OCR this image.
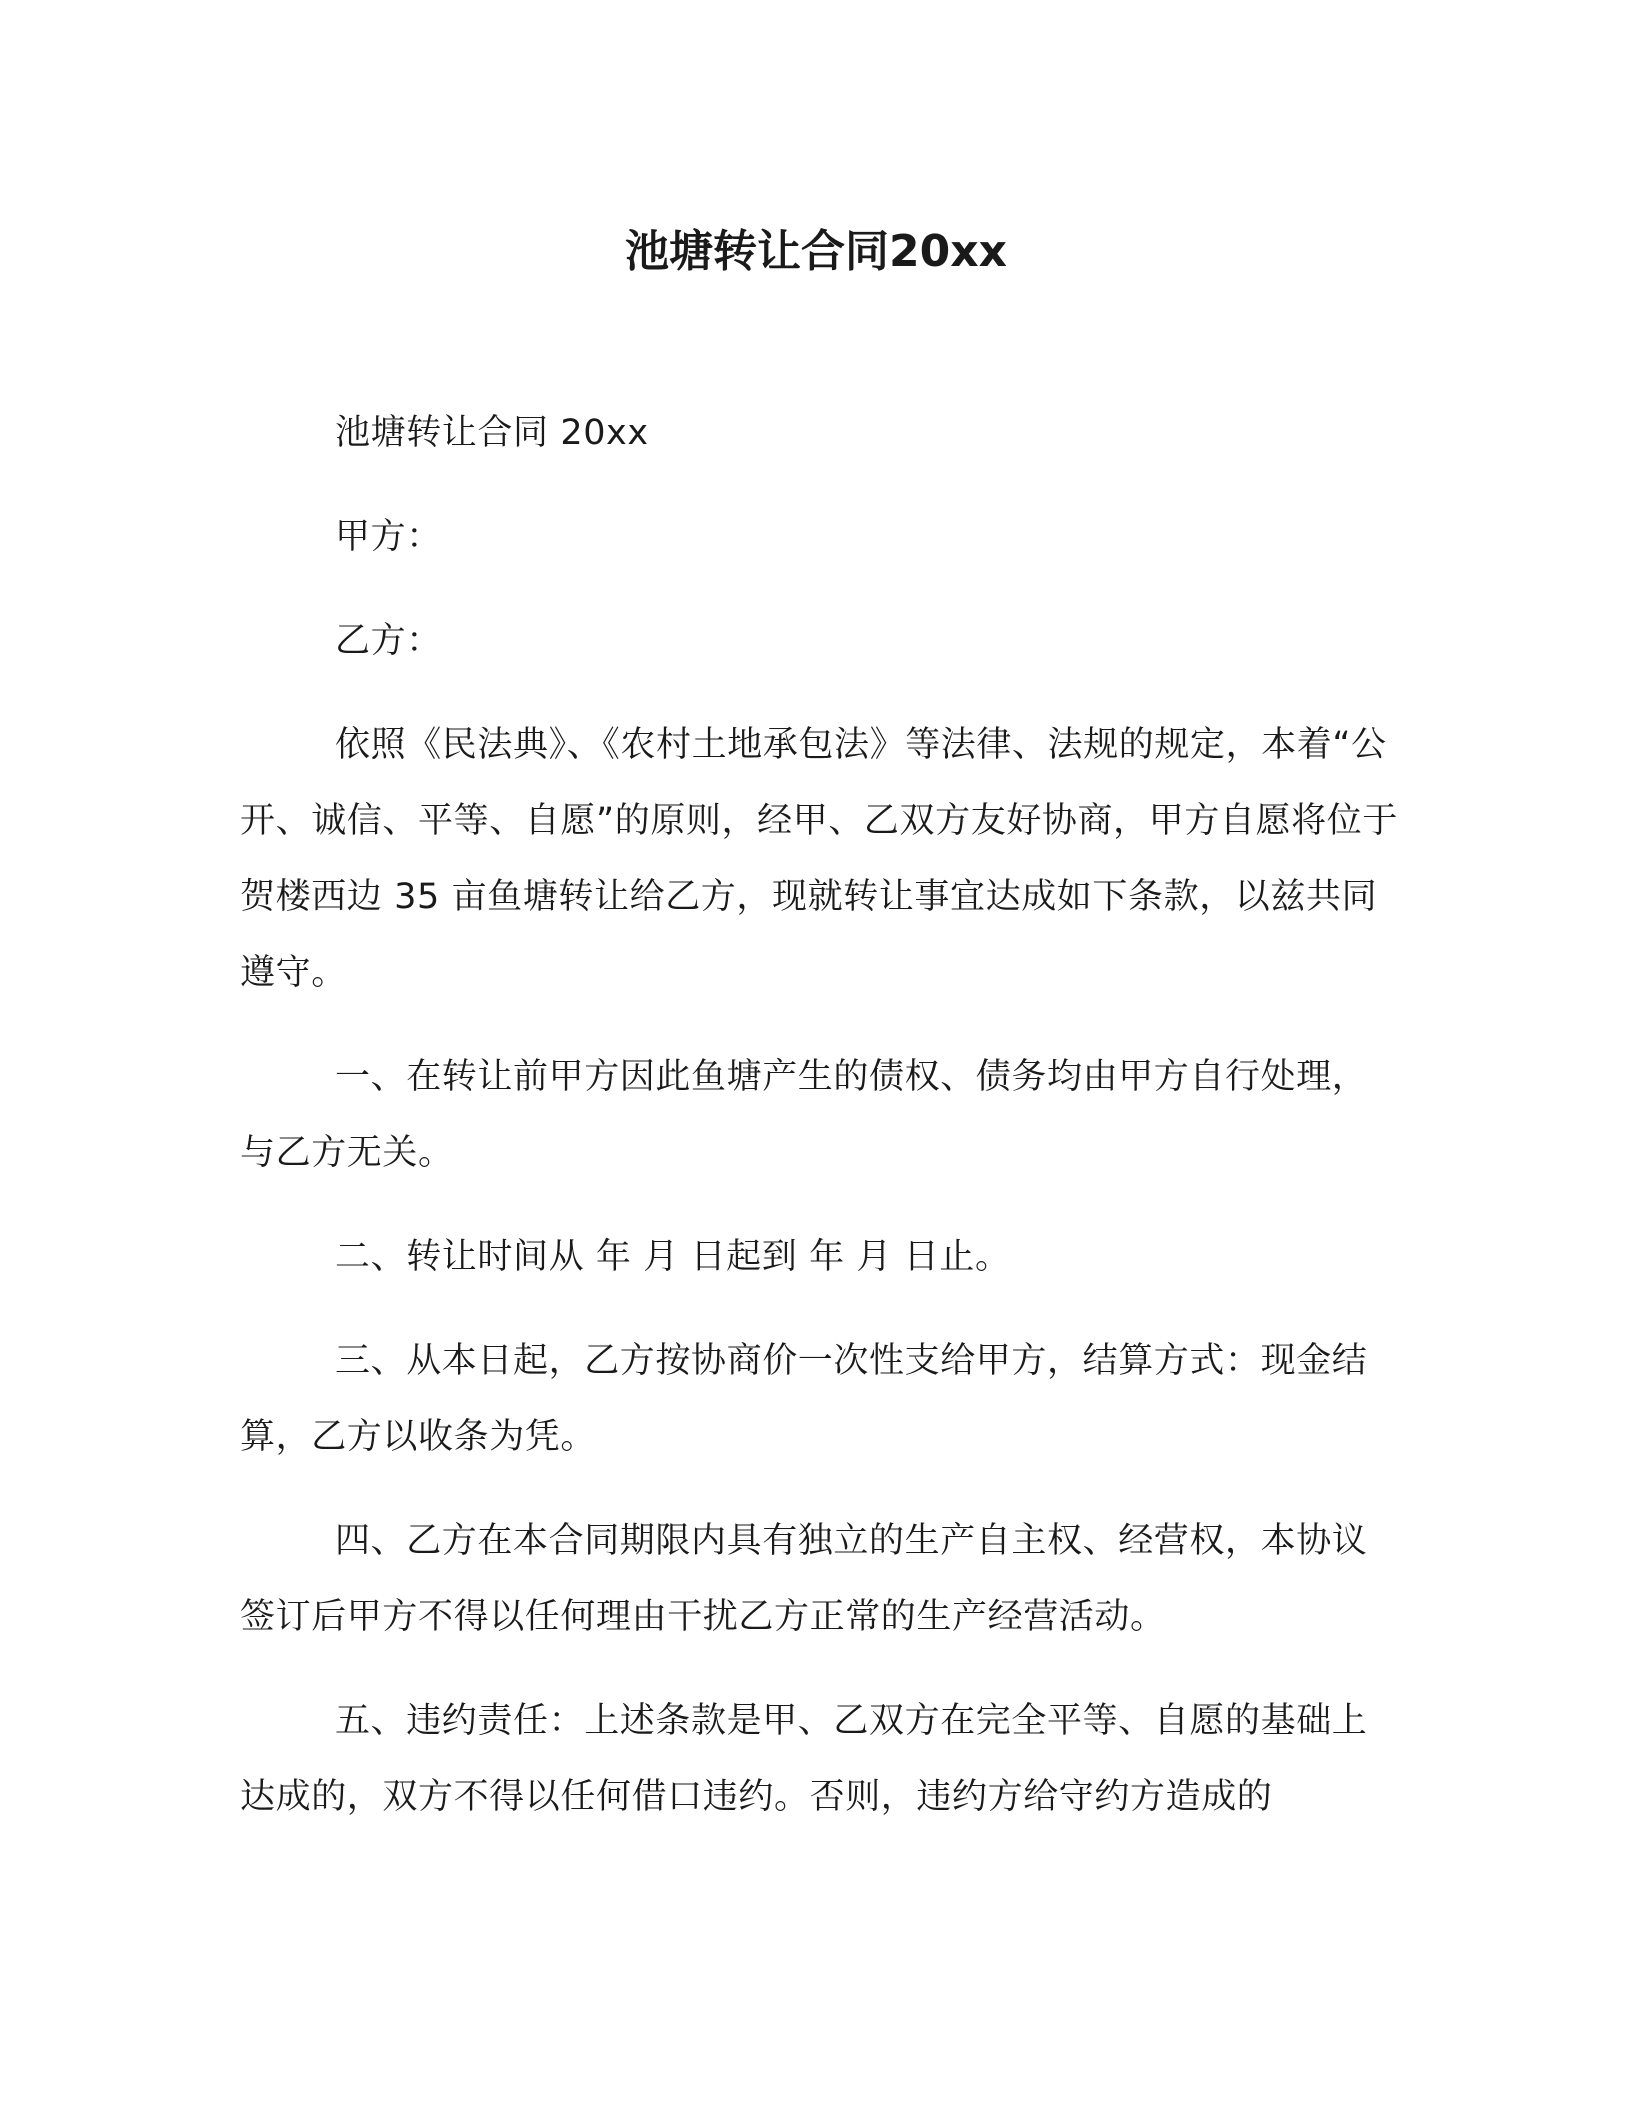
池塘转让合同20xx

池塘转让合同 20xx

甲方：

乙方：

依照《民法典》、《农村土地承包法》等法律、法规的规定，本着“公开、诚信、平等、自愿”的原则，经甲、乙双方友好协商，甲方自愿将位于贺楼西边 35 亩鱼塘转让给乙方，现就转让事宜达成如下条款，以兹共同遵守。

一、在转让前甲方因此鱼塘产生的债权、债务均由甲方自行处理，与乙方无关。

二、转让时间从 年 月 日起到 年 月 日止。

三、从本日起，乙方按协商价一次性支给甲方，结算方式：现金结算，乙方以收条为凭。

四、乙方在本合同期限内具有独立的生产自主权、经营权，本协议签订后甲方不得以任何理由干扰乙方正常的生产经营活动。

五、违约责任：上述条款是甲、乙双方在完全平等、自愿的基础上达成的，双方不得以任何借口违约。否则，违约方给守约方造成的
